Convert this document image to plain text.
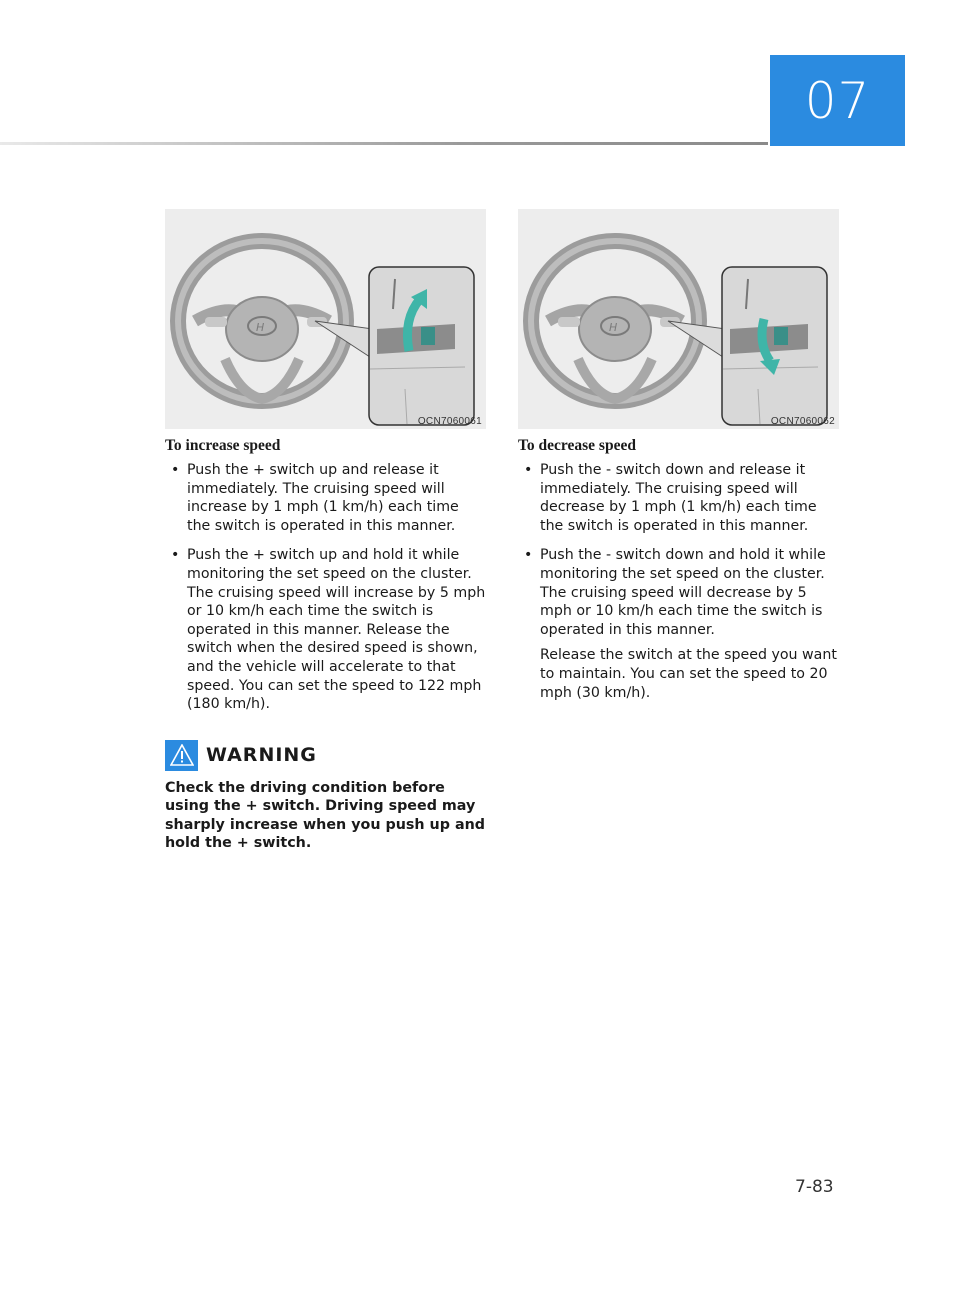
07
H
OCN7060061
To increase speed
• Push the + switch up and release it immediately. The cruising speed will increase by 1 mph (1 km/h) each time the switch is operated in this manner.
• Push the + switch up and hold it while monitoring the set speed on the cluster. The cruising speed will increase by 5 mph or 10 km/h each time the switch is operated in this manner. Release the switch when the desired speed is shown, and the vehicle will accelerate to that speed. You can set the speed to 122 mph (180 km/h).
WARNING
Check the driving condition before using the + switch. Driving speed may sharply increase when you push up and hold the + switch.
H
OCN7060062
To decrease speed
• Push the - switch down and release it immediately. The cruising speed will decrease by 1 mph (1 km/h) each time the switch is operated in this manner.
• Push the - switch down and hold it while monitoring the set speed on the cluster. The cruising speed will decrease by 5 mph or 10 km/h each time the switch is operated in this manner.
Release the switch at the speed you want to maintain. You can set the speed to 20 mph (30 km/h).
7-83
